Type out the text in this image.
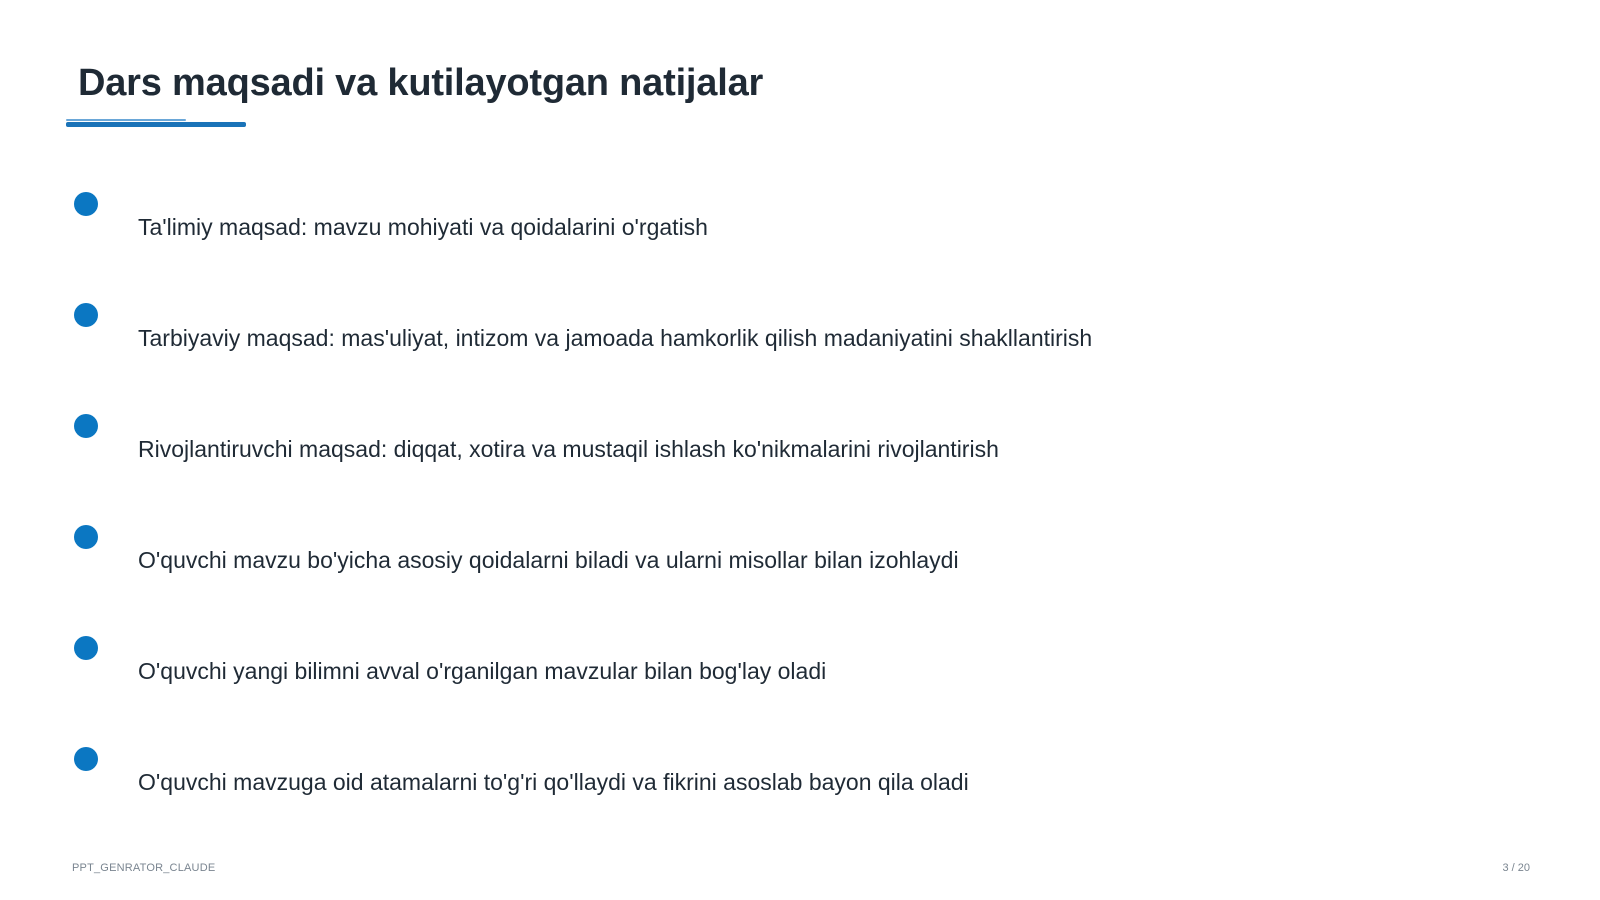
Dars maqsadi va kutilayotgan natijalar
Ta'limiy maqsad: mavzu mohiyati va qoidalarini o'rgatish
Tarbiyaviy maqsad: mas'uliyat, intizom va jamoada hamkorlik qilish madaniyatini shakllantirish
Rivojlantiruvchi maqsad: diqqat, xotira va mustaqil ishlash ko'nikmalarini rivojlantirish
O'quvchi mavzu bo'yicha asosiy qoidalarni biladi va ularni misollar bilan izohlaydi
O'quvchi yangi bilimni avval o'rganilgan mavzular bilan bog'lay oladi
O'quvchi mavzuga oid atamalarni to'g'ri qo'llaydi va fikrini asoslab bayon qila oladi
PPT_GENRATOR_CLAUDE	3 / 20
